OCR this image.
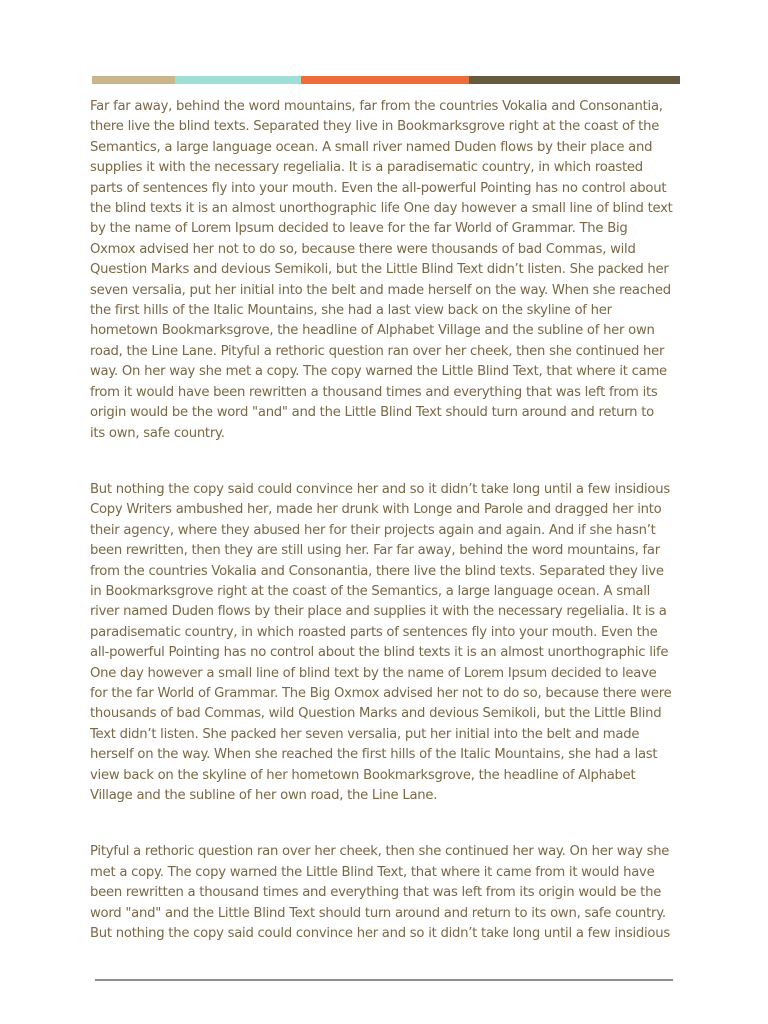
Far far away, behind the word mountains, far from the countries Vokalia and Consonantia,
there live the blind texts. Separated they live in Bookmarksgrove right at the coast of the
Semantics, a large language ocean. A small river named Duden flows by their place and
supplies it with the necessary regelialia. It is a paradisematic country, in which roasted
parts of sentences fly into your mouth. Even the all-powerful Pointing has no control about
the blind texts it is an almost unorthographic life One day however a small line of blind text
by the name of Lorem Ipsum decided to leave for the far World of Grammar. The Big
Oxmox advised her not to do so, because there were thousands of bad Commas, wild
Question Marks and devious Semikoli, but the Little Blind Text didn’t listen. She packed her
seven versalia, put her initial into the belt and made herself on the way. When she reached
the first hills of the Italic Mountains, she had a last view back on the skyline of her
hometown Bookmarksgrove, the headline of Alphabet Village and the subline of her own
road, the Line Lane. Pityful a rethoric question ran over her cheek, then she continued her
way. On her way she met a copy. The copy warned the Little Blind Text, that where it came
from it would have been rewritten a thousand times and everything that was left from its
origin would be the word "and" and the Little Blind Text should turn around and return to
its own, safe country.

But nothing the copy said could convince her and so it didn’t take long until a few insidious
Copy Writers ambushed her, made her drunk with Longe and Parole and dragged her into
their agency, where they abused her for their projects again and again. And if she hasn’t
been rewritten, then they are still using her. Far far away, behind the word mountains, far
from the countries Vokalia and Consonantia, there live the blind texts. Separated they live
in Bookmarksgrove right at the coast of the Semantics, a large language ocean. A small
river named Duden flows by their place and supplies it with the necessary regelialia. It is a
paradisematic country, in which roasted parts of sentences fly into your mouth. Even the
all-powerful Pointing has no control about the blind texts it is an almost unorthographic life
One day however a small line of blind text by the name of Lorem Ipsum decided to leave
for the far World of Grammar. The Big Oxmox advised her not to do so, because there were
thousands of bad Commas, wild Question Marks and devious Semikoli, but the Little Blind
Text didn’t listen. She packed her seven versalia, put her initial into the belt and made
herself on the way. When she reached the first hills of the Italic Mountains, she had a last
view back on the skyline of her hometown Bookmarksgrove, the headline of Alphabet
Village and the subline of her own road, the Line Lane.

Pityful a rethoric question ran over her cheek, then she continued her way. On her way she
met a copy. The copy warned the Little Blind Text, that where it came from it would have
been rewritten a thousand times and everything that was left from its origin would be the
word "and" and the Little Blind Text should turn around and return to its own, safe country.
But nothing the copy said could convince her and so it didn’t take long until a few insidious
